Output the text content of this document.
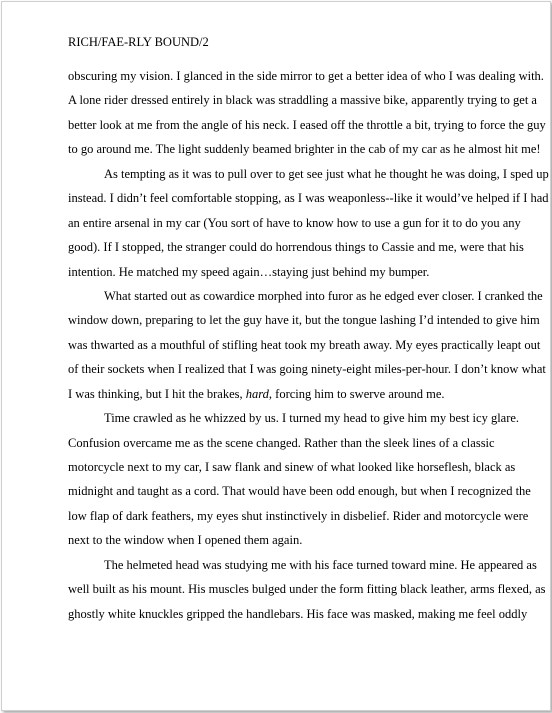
RICH/FAE-RLY BOUND/2
obscuring my vision. I glanced in the side mirror to get a better idea of who I was dealing with.
A lone rider dressed entirely in black was straddling a massive bike, apparently trying to get a
better look at me from the angle of his neck. I eased off the throttle a bit, trying to force the guy
to go around me. The light suddenly beamed brighter in the cab of my car as he almost hit me!
As tempting as it was to pull over to get see just what he thought he was doing, I sped up
instead. I didn’t feel comfortable stopping, as I was weaponless--like it would’ve helped if I had
an entire arsenal in my car (You sort of have to know how to use a gun for it to do you any
good). If I stopped, the stranger could do horrendous things to Cassie and me, were that his
intention. He matched my speed again…staying just behind my bumper.
What started out as cowardice morphed into furor as he edged ever closer. I cranked the
window down, preparing to let the guy have it, but the tongue lashing I’d intended to give him
was thwarted as a mouthful of stifling heat took my breath away. My eyes practically leapt out
of their sockets when I realized that I was going ninety-eight miles-per-hour. I don’t know what
I was thinking, but I hit the brakes, hard, forcing him to swerve around me.
Time crawled as he whizzed by us. I turned my head to give him my best icy glare.
Confusion overcame me as the scene changed. Rather than the sleek lines of a classic
motorcycle next to my car, I saw flank and sinew of what looked like horseflesh, black as
midnight and taught as a cord. That would have been odd enough, but when I recognized the
low flap of dark feathers, my eyes shut instinctively in disbelief. Rider and motorcycle were
next to the window when I opened them again.
The helmeted head was studying me with his face turned toward mine. He appeared as
well built as his mount. His muscles bulged under the form fitting black leather, arms flexed, as
ghostly white knuckles gripped the handlebars. His face was masked, making me feel oddly
